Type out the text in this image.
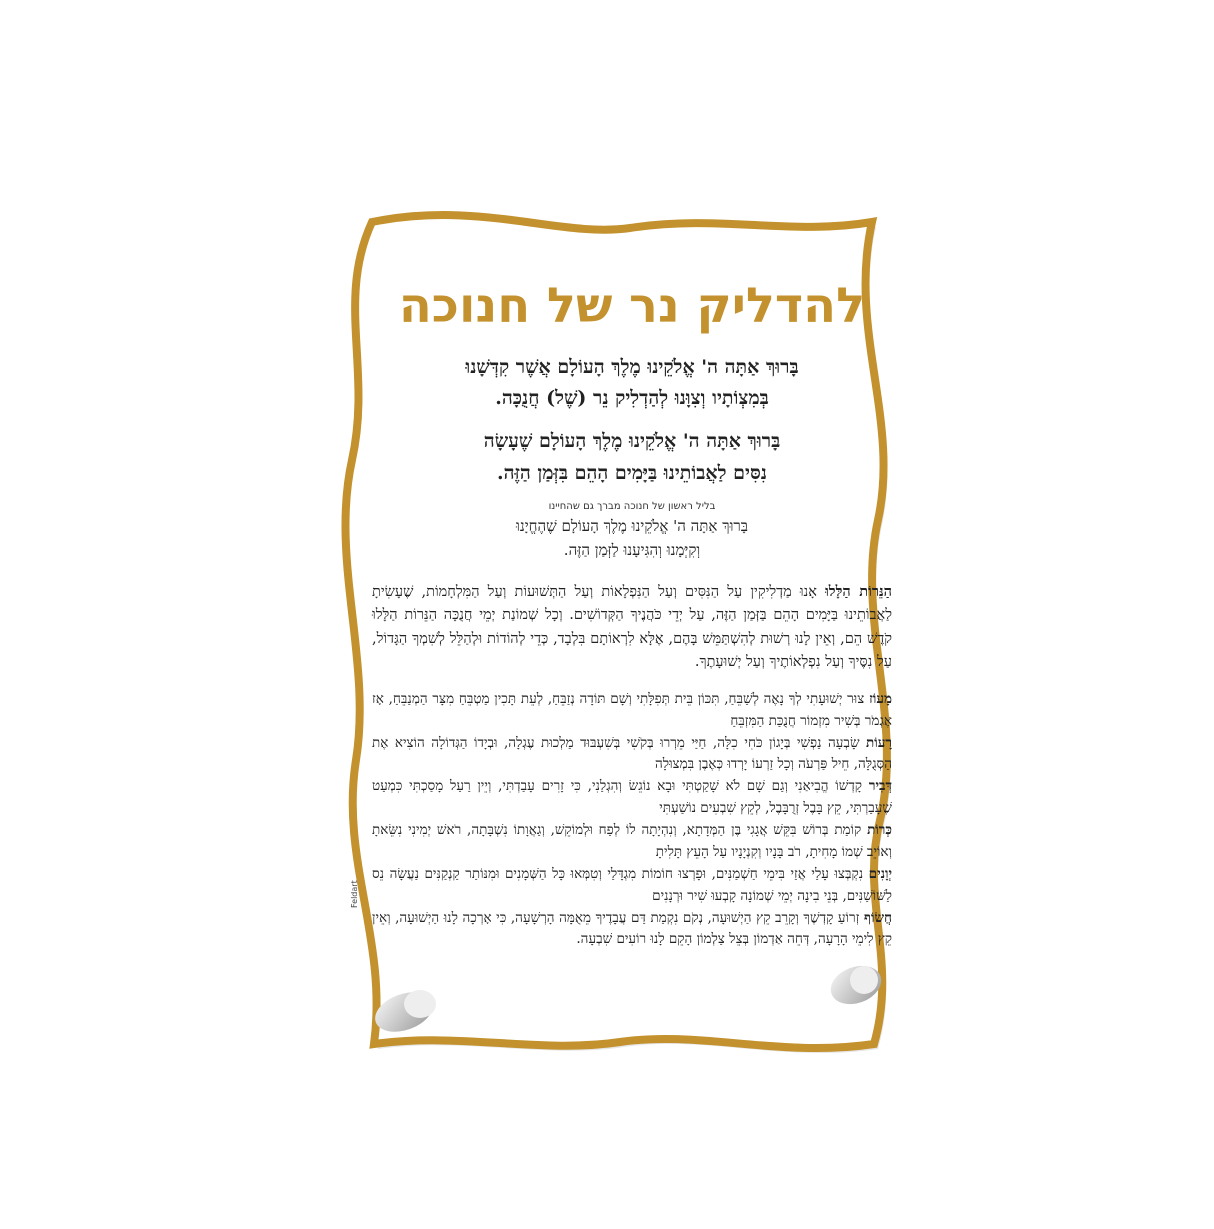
להדליק נר של חנוכה
בָּרוּךְ אַתָּה ה' אֱלֹקֵינוּ מֶלֶךְ הָעוֹלָם אֲשֶׁר קִדְּשָׁנוּ
בְּמִצְוֹתָיו וְצִוָּנוּ לְהַדְלִיק נֵר (שֶׁל) חֲנֻכָּה.
בָּרוּךְ אַתָּה ה' אֱלֹקֵינוּ מֶלֶךְ הָעוֹלָם שֶׁעָשָׂה
נִסִּים לַאֲבוֹתֵינוּ בַּיָּמִים הָהֵם בִּזְּמַן הַזֶּה.
בליל ראשון של חנוכה מברך גם שהחיינו
בָּרוּךְ אַתָּה ה' אֱלֹקֵינוּ מֶלֶךְ הָעוֹלָם שֶׁהֶחֱיָנוּ
וְקִיְּמָנוּ וְהִגִּיעָנוּ לַזְּמַן הַזֶּה.

הַנֵּרוֹת הַלָּלוּ אָנוּ מַדְלִיקִין עַל הַנִּסִּים וְעַל הַנִּפְלָאוֹת וְעַל הַתְּשׁוּעוֹת וְעַל הַמִּלְחָמוֹת, שֶׁעָשִׂיתָ לַאֲבוֹתֵינוּ בַּיָּמִים הָהֵם בַּזְּמַן הַזֶּה, עַל יְדֵי כֹּהֲנֶיךָ הַקְּדוֹשִׁים. וְכָל שְׁמוֹנַת יְמֵי חֲנֻכָּה הַנֵּרוֹת הַלָּלוּ קֹדֶשׁ הֵם, וְאֵין לָנוּ רְשׁוּת לְהִשְׁתַּמֵּשׁ בָּהֶם, אֶלָּא לִרְאוֹתָם בִּלְבָד, כְּדֵי לְהוֹדוֹת וּלְהַלֵּל לְשִׁמְךָ הַגָּדוֹל, עַל נִסֶּיךָ וְעַל נִפְלְאוֹתֶיךָ וְעַל יְשׁוּעָתֶךָ.

מָעוֹז צוּר יְשׁוּעָתִי לְךָ נָאֶה לְשַׁבֵּחַ, תִּכּוֹן בֵּית תְּפִלָּתִי וְשָׁם תּוֹדָה נְזַבֵּחַ, לְעֵת תָּכִין מַטְבֵּחַ מִצָּר הַמְנַבֵּחַ, אָז אֶגְמֹר בְּשִׁיר מִזְמוֹר חֲנֻכַּת הַמִּזְבֵּחַ

רָעוֹת שָׂבְעָה נַפְשִׁי בְּיָגוֹן כֹּחִי כִלָּה, חַיַּי מֵרְרוּ בְּקֹשִׁי בְּשִׁעְבּוּד מַלְכוּת עֶגְלָה, וּבְיָדוֹ הַגְּדוֹלָה הוֹצִיא אֶת הַסְּגֻלָּה, חֵיל פַּרְעֹה וְכָל זַרְעוֹ יָרְדוּ כְּאֶבֶן בִּמְצוּלָה

דְּבִיר קָדְשׁוֹ הֱבִיאַנִי וְגַם שָׁם לֹא שָׁקַטְתִּי וּבָא נוֹגֵשׂ וְהִגְלַנִי, כִּי זָרִים עָבַדְתִּי, וְיֵין רַעַל מָסַכְתִּי כִּמְעַט שֶׁעָבַרְתִּי, קֵץ בָּבֶל זְרֻבָּבֶל, לְקֵץ שִׁבְעִים נוֹשַׁעְתִּי

כְּרוֹת קוֹמַת בְּרוֹשׁ בִּקֵּשׁ אֲגָגִי בֶּן הַמְּדָתָא, וְנִהְיָתָה לוֹ לְפַח וּלְמוֹקֵשׁ, וְגַאֲוָתוֹ נִשְׁבָּתָה, רֹאשׁ יְמִינִי נִשֵּׂאתָ וְאוֹיֵב שְׁמוֹ מָחִיתָ, רֹב בָּנָיו וְקִנְיָנָיו עַל הָעֵץ תָּלִיתָ

יְוָנִים נִקְבְּצוּ עָלַי אֲזַי בִּימֵי חַשְׁמַנִּים, וּפָרְצוּ חוֹמוֹת מִגְדָּלַי וְטִמְּאוּ כָּל הַשְּׁמָנִים וּמִנּוֹתַר קַנְקַנִּים נַעֲשָׂה נֵס לַשּׁוֹשַׁנִּים, בְּנֵי בִינָה יְמֵי שְׁמוֹנָה קָבְעוּ שִׁיר וּרְנָנִים

חֲשׂוֹף זְרוֹעַ קָדְשֶׁךָ וְקָרֵב קֵץ הַיְשׁוּעָה, נְקֹם נִקְמַת דַּם עֲבָדֶיךָ מֵאֻמָּה הָרְשָׁעָה, כִּי אָרְכָה לָנוּ הַיְשׁוּעָה, וְאֵין קֵץ לִימֵי הָרָעָה, דְּחֵה אַדְמוֹן בְּצֵל צַלְמוֹן הָקֵם לָנוּ רוֹעִים שִׁבְעָה.

Feldart
